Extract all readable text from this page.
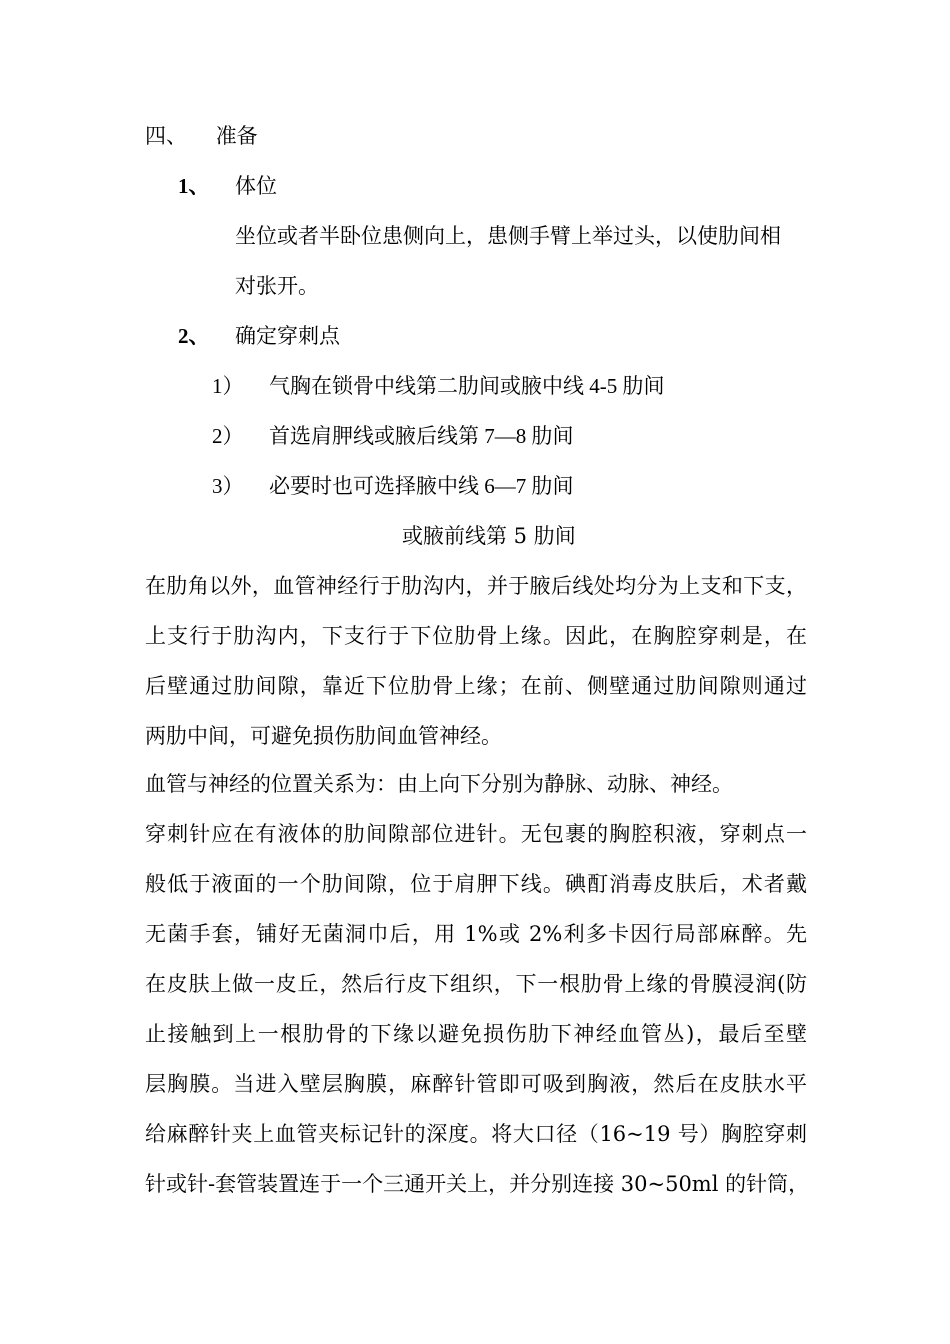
四、 准备
1、 体位
坐位或者半卧位患侧向上，患侧手臂上举过头，以使肋间相
对张开。
2、 确定穿刺点
1） 气胸在锁骨中线第二肋间或腋中线 4-5 肋间
2） 首选肩胛线或腋后线第 7—8 肋间
3） 必要时也可选择腋中线 6—7 肋间
或腋前线第 5 肋间
在肋角以外，血管神经行于肋沟内，并于腋后线处均分为上支和下支，
上支行于肋沟内，下支行于下位肋骨上缘。因此，在胸腔穿刺是，在
后壁通过肋间隙，靠近下位肋骨上缘；在前、侧壁通过肋间隙则通过
两肋中间，可避免损伤肋间血管神经。
血管与神经的位置关系为：由上向下分别为静脉、动脉、神经。
穿刺针应在有液体的肋间隙部位进针。无包裹的胸腔积液，穿刺点一
般低于液面的一个肋间隙，位于肩胛下线。碘酊消毒皮肤后，术者戴
无菌手套，铺好无菌洞巾后，用 1%或 2%利多卡因行局部麻醉。先
在皮肤上做一皮丘，然后行皮下组织，下一根肋骨上缘的骨膜浸润(防
止接触到上一根肋骨的下缘以避免损伤肋下神经血管丛)，最后至壁
层胸膜。当进入壁层胸膜，麻醉针管即可吸到胸液，然后在皮肤水平
给麻醉针夹上血管夹标记针的深度。将大口径（16~19 号）胸腔穿刺
针或针-套管装置连于一个三通开关上，并分别连接 30~50ml 的针筒，
